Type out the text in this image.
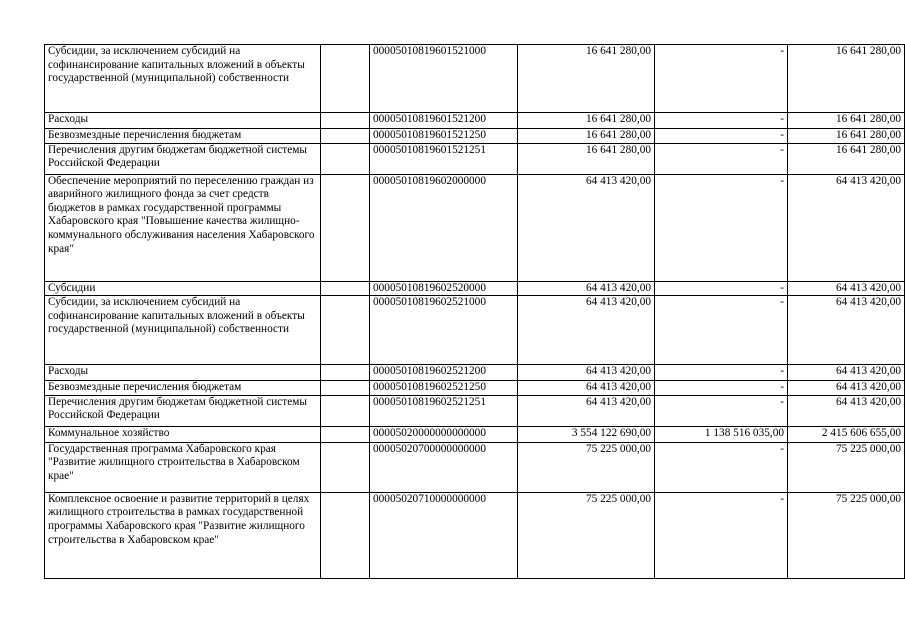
Субсидии, за исключением субсидий на софинансирование капитальных вложений в объекты государственной (муниципальной) собственности		00005010819601521000	16 641 280,00	-	16 641 280,00
Расходы		00005010819601521200	16 641 280,00	-	16 641 280,00
Безвозмездные перечисления бюджетам		00005010819601521250	16 641 280,00	-	16 641 280,00
Перечисления другим бюджетам бюджетной системы Российской Федерации		00005010819601521251	16 641 280,00	-	16 641 280,00
Обеспечение мероприятий по переселению граждан из аварийного жилищного фонда за счет средств бюджетов в рамках государственной программы Хабаровского края "Повышение качества жилищно-коммунального обслуживания населения Хабаровского края"		00005010819602000000	64 413 420,00	-	64 413 420,00
Субсидии		00005010819602520000	64 413 420,00	-	64 413 420,00
Субсидии, за исключением субсидий на софинансирование капитальных вложений в объекты государственной (муниципальной) собственности		00005010819602521000	64 413 420,00	-	64 413 420,00
Расходы		00005010819602521200	64 413 420,00	-	64 413 420,00
Безвозмездные перечисления бюджетам		00005010819602521250	64 413 420,00	-	64 413 420,00
Перечисления другим бюджетам бюджетной системы Российской Федерации		00005010819602521251	64 413 420,00	-	64 413 420,00
Коммунальное хозяйство		00005020000000000000	3 554 122 690,00	1 138 516 035,00	2 415 606 655,00
Государственная программа Хабаровского края "Развитие жилищного строительства в Хабаровском крае"		00005020700000000000	75 225 000,00	-	75 225 000,00
Комплексное освоение и развитие территорий в целях жилищного строительства в рамках государственной программы Хабаровского края "Развитие жилищного строительства в Хабаровском крае"		00005020710000000000	75 225 000,00	-	75 225 000,00
